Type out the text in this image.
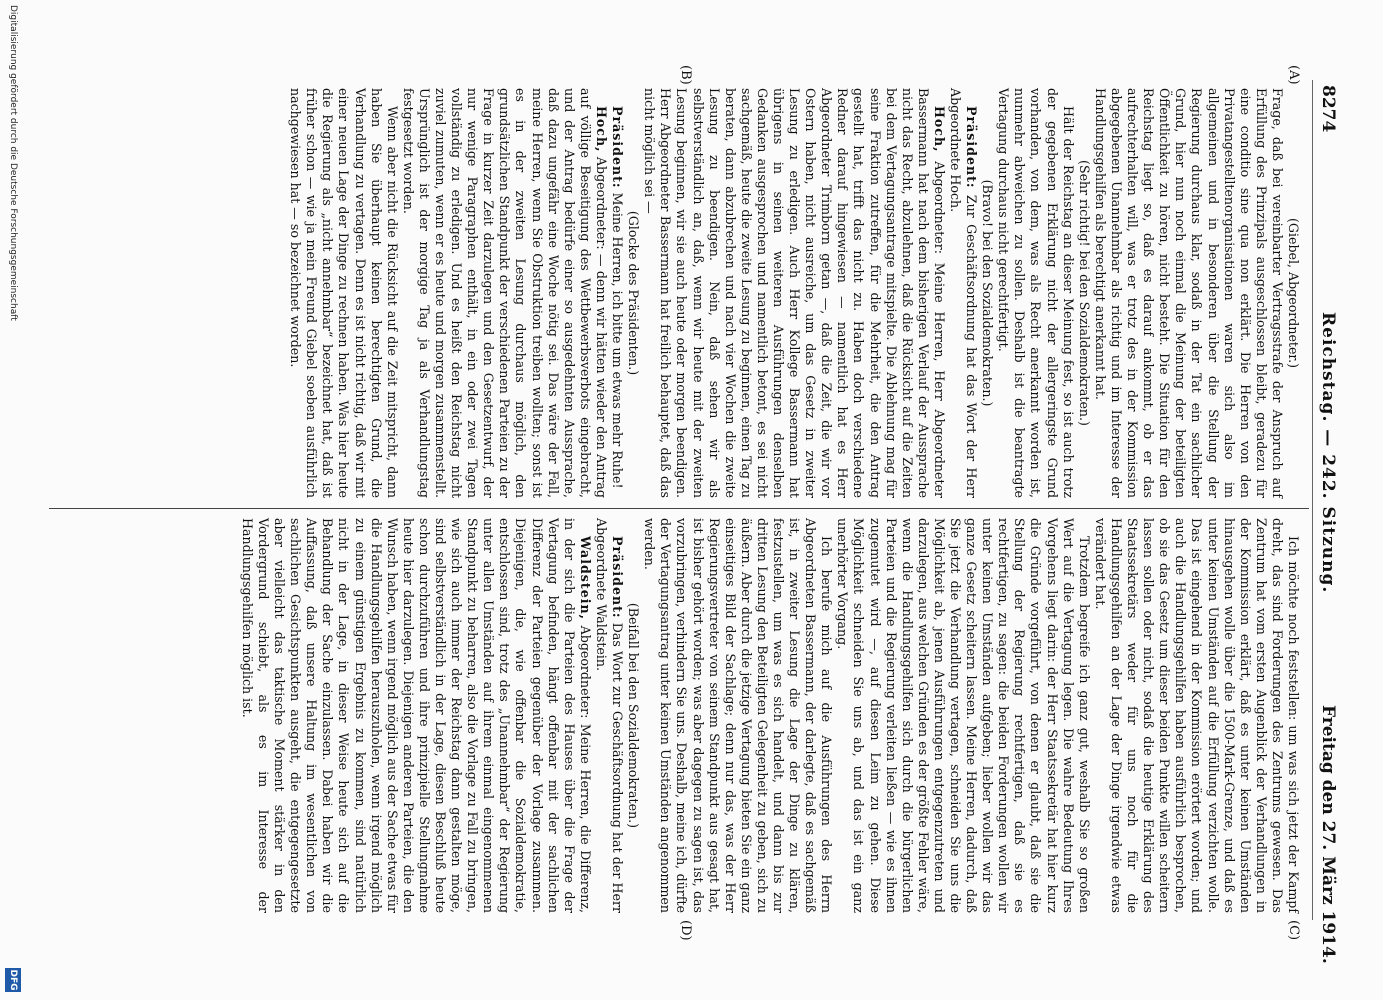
8274
Reichstag. — 242. Sitzung.
Freitag den 27. März 1914.
(A)
(B)
(C)
(D)

(Giebel, Abgeordneter.)

Frage, daß bei vereinbarter Vertragsstrafe der Anspruch auf Erfüllung des Prinzipals ausgeschlossen bleibt, geradezu für eine conditio sine qua non erklärt. Die Herren von den Privatangestelltenorganisationen waren sich also im allgemeinen und in besonderen über die Stellung der Regierung durchaus klar, sodaß in der Tat ein sachlicher Grund, hier nun noch einmal die Meinung der beteiligten Öffentlichkeit zu hören, nicht besteht. Die Situation für den Reichstag liegt so, daß es darauf ankommt, ob er das aufrechterhalten will, was er trotz des in der Kommission abgegebenen Unannehmbar als richtig und im Interesse der Handlungsgehilfen als berechtigt anerkannt hat.

(Sehr richtig! bei den Sozialdemokraten.)

Hält der Reichstag an dieser Meinung fest, so ist auch trotz der gegebenen Erklärung nicht der allergeringste Grund vorhanden, von dem, was als Recht anerkannt worden ist, nunmehr abweichen zu sollen. Deshalb ist die beantragte Vertagung durchaus nicht gerechtfertigt.

(Bravo! bei den Sozialdemokraten.)

Präsident: Zur Geschäftsordnung hat das Wort der Herr Abgeordnete Hoch.

Hoch, Abgeordneter: Meine Herren, Herr Abgeordneter Bassermann hat nach dem bisherigen Verlauf der Aussprache nicht das Recht, abzulehnen, daß die Rücksicht auf die Zeiten bei dem Vertagungsantrage mitspielte. Die Ablehnung mag für seine Fraktion zutreffen, für die Mehrheit, die den Antrag gestellt hat, trifft das nicht zu. Haben doch verschiedene Redner darauf hingewiesen — namentlich hat es Herr Abgeordneter Trimborn getan —, daß die Zeit, die wir vor Ostern haben, nicht ausreiche, um das Gesetz in zweiter Lesung zu erledigen. Auch Herr Kollege Bassermann hat übrigens in seinen weiteren Ausführungen denselben Gedanken ausgesprochen und namentlich betont, es sei nicht sachgemäß, heute die zweite Lesung zu beginnen, einen Tag zu beraten, dann abzubrechen und nach vier Wochen die zweite Lesung zu beendigen. Nein, daß sehen wir als selbstverständlich an, daß, wenn wir heute mit der zweiten Lesung beginnen, wir sie auch heute oder morgen beendigen. Herr Abgeordneter Bassermann hat freilich behauptet, daß das nicht möglich sei —

(Glocke des Präsidenten.)

Präsident: Meine Herren, ich bitte um etwas mehr Ruhe!

Hoch, Abgeordneter: — denn wir hätten wieder den Antrag auf völlige Beseitigung des Wettbewerbsverbots eingebracht, und der Antrag bedürfe einer so ausgedehnten Aussprache, daß dazu ungefähr eine Woche nötig sei. Das wäre der Fall, meine Herren, wenn Sie Obstruktion treiben wollten; sonst ist es in der zweiten Lesung durchaus möglich, den grundsätzlichen Standpunkt der verschiedenen Parteien zu der Frage in kurzer Zeit darzulegen und den Gesetzentwurf, der nur wenige Paragraphen enthält, in ein oder zwei Tagen vollständig zu erledigen. Und es heißt den Reichstag nicht zuviel zumuten, wenn er es heute und morgen zusammenstellt. Ursprünglich ist der morgige Tag ja als Verhandlungstag festgesetzt worden.

Wenn aber nicht die Rücksicht auf die Zeit mitspricht, dann haben Sie überhaupt keinen berechtigten Grund, die Verhandlung zu vertagen. Denn es ist nicht richtig, daß wir mit einer neuen Lage der Dinge zu rechnen haben. Was hier heute die Regierung als „nicht annehmbar“ bezeichnet hat, daß ist früher schon — wie ja mein Freund Giebel soeben ausführlich nachgewiesen hat — so bezeichnet worden.

Ich möchte noch feststellen: um was sich jetzt der Kampf dreht, das sind Forderungen des Zentrums gewesen. Das Zentrum hat vom ersten Augenblick der Verhandlungen in der Kommission erklärt, daß es unter keinen Umständen hinausgehen wolle über die 1500-Mark-Grenze, und daß es unter keinen Umständen auf die Erfüllung verzichten wolle. Das ist eingehend in der Kommission erörtert worden; und auch die Handlungsgehilfen haben ausführlich besprochen, ob sie das Gesetz um dieser beiden Punkte willen scheitern lassen sollen oder nicht, sodaß die heutige Erklärung des Staatssekretärs weder für uns noch für die Handlungsgehilfen an der Lage der Dinge irgendwie etwas verändert hat.

Trotzdem begreife ich ganz gut, weshalb Sie so großen Wert auf die Vertagung legen. Die wahre Bedeutung Ihres Vorgehens liegt darin: der Herr Staatssekretär hat hier kurz die Gründe vorgeführt, von denen er glaubt, daß sie die Stellung der Regierung rechtfertigen, daß sie es rechtfertigen, zu sagen: die beiden Forderungen wollen wir unter keinen Umständen aufgeben; lieber wollen wir das ganze Gesetz scheitern lassen. Meine Herren, dadurch, daß Sie jetzt die Verhandlung vertagen, schneiden Sie uns die Möglichkeit ab, jenen Ausführungen entgegenzutreten und darzulegen, aus welchen Gründen es der größte Fehler wäre, wenn die Handlungsgehilfen sich durch die bürgerlichen Parteien und die Regierung verleiten ließen — wie es ihnen zugemutet wird —, auf diesen Leim zu gehen. Diese Möglichkeit schneiden Sie uns ab, und das ist ein ganz unerhörter Vorgang.

Ich berufe mich auf die Ausführungen des Herrn Abgeordneten Bassermann, der darlegte, daß es sachgemäß ist, in zweiter Lesung die Lage der Dinge zu klären, festzustellen, um was es sich handelt, und dann bis zur dritten Lesung den Beteiligten Gelegenheit zu geben, sich zu äußern. Aber durch die jetzige Vertagung bieten Sie ein ganz einseitiges Bild der Sachlage; denn nur das, was der Herr Regierungsvertreter von seinem Standpunkt aus gesagt hat, ist bisher gehört worden; was aber dagegen zu sagen ist, das vorzubringen, verhindern Sie uns. Deshalb, meine ich, dürfte der Vertagungsantrag unter keinen Umständen angenommen werden.

(Beifall bei den Sozialdemokraten.)

Präsident: Das Wort zur Geschäftsordnung hat der Herr Abgeordnete Waldstein.

Waldstein, Abgeordneter: Meine Herren, die Differenz, in der sich die Parteien des Hauses über die Frage der Vertagung befinden, hängt offenbar mit der sachlichen Differenz der Parteien gegenüber der Vorlage zusammen. Diejenigen, die, wie offenbar die Sozialdemokratie, entschlossen sind, trotz des „Unannehmbar“ der Regierung unter allen Umständen auf ihrem einmal eingenommenen Standpunkt zu beharren, also die Vorlage zu Fall zu bringen, wie sich auch immer der Reichstag dann gestalten möge, sind selbstverständlich in der Lage, diesen Beschluß heute schon durchzuführen und ihre prinzipielle Stellungnahme heute hier darzulegen. Diejenigen anderen Parteien, die den Wunsch haben, wenn irgend möglich aus der Sache etwas für die Handlungsgehilfen herauszuholen, wenn irgend möglich zu einem günstigen Ergebnis zu kommen, sind natürlich nicht in der Lage, in dieser Weise heute sich auf die Behandlung der Sache einzulassen. Dabei haben wir die Auffassung, daß unsere Haltung im wesentlichen von sachlichen Gesichtspunkten ausgeht, die entgegengesetzte aber vielleicht das taktische Moment stärker in den Vordergrund schiebt, als es im Interesse der Handlungsgehilfen möglich ist.

Digitalisierung gefördert durch die Deutsche Forschungsgemeinschaft
DFG
